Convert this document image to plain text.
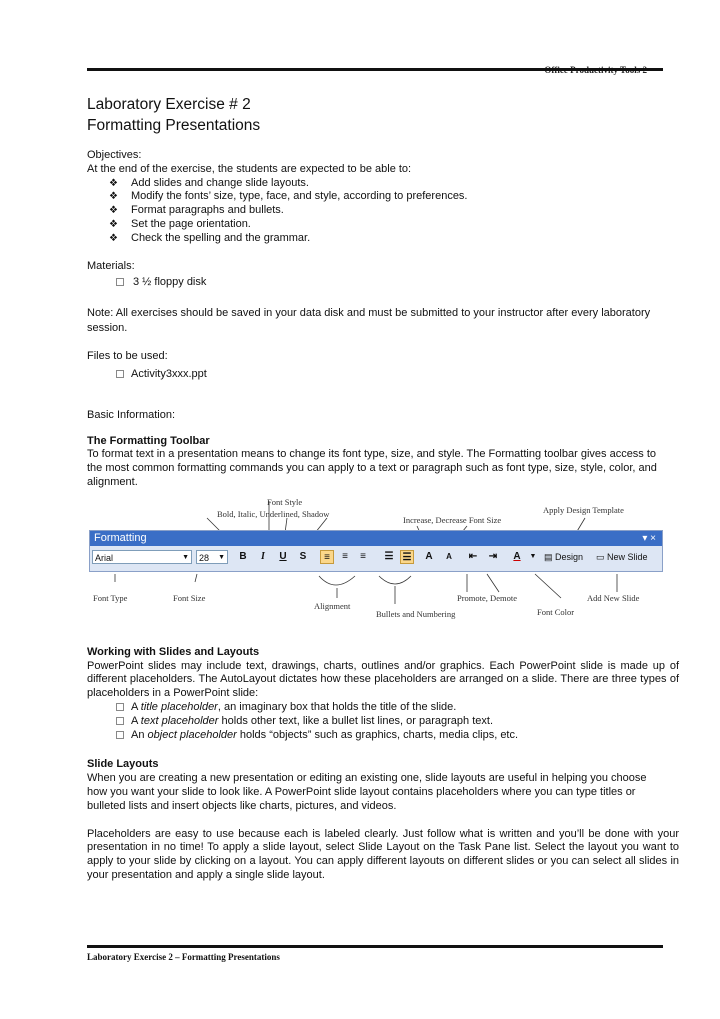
Laboratory Exercise # 2
Formatting Presentations

Objectives:

At the end of the exercise, the students are expected to be able to:

❖ Add slides and change slide layouts.
❖ Modify the fonts’ size, type, face, and style, according to preferences.
❖ Format paragraphs and bullets.
❖ Set the page orientation.
❖ Check the spelling and the grammar.

Materials:

3 ½ floppy disk

Note: All exercises should be saved in your data disk and must be submitted to your instructor after every laboratory session.

Files to be used:

Activity3xxx.ppt

Basic Information:

The Formatting Toolbar

To format text in a presentation means to change its font type, size, and style. The Formatting toolbar gives access to the most common formatting commands you can apply to a text or paragraph such as font type, size, style, color, and alignment.

Font Style
Bold, Italic, Underlined, Shadow
Increase, Decrease Font Size
Apply Design Template
Font Type	Font Size
Alignment
Bullets and Numbering
Promote, Demote
Font Color
Add New Slide
Formatting	▾ ×
Arial	▼	28 ▼	B	I	U	S	≡	≡	≡	☰ ☰	A	A	⇤ ⇥	A	▼ ▤ Design ▭ New Slide

Working with Slides and Layouts

PowerPoint slides may include text, drawings, charts, outlines and/or graphics. Each PowerPoint slide is made up of different placeholders. The AutoLayout dictates how these placeholders are arranged on a slide. There are three types of placeholders in a PowerPoint slide:

A title placeholder, an imaginary box that holds the title of the slide.
A text placeholder holds other text, like a bullet list lines, or paragraph text.
An object placeholder holds “objects” such as graphics, charts, media clips, etc.

Slide Layouts

When you are creating a new presentation or editing an existing one, slide layouts are useful in helping you choose how you want your slide to look like. A PowerPoint slide layout contains placeholders where you can type titles or bulleted lists and insert objects like charts, pictures, and videos.

Placeholders are easy to use because each is labeled clearly. Just follow what is written and you’ll be done with your presentation in no time! To apply a slide layout, select Slide Layout on the Task Pane list. Select the layout you want to apply to your slide by clicking on a layout. You can apply different layouts on different slides or you can select all slides in your presentation and apply a single slide layout.

Laboratory Exercise 2 – Formatting Presentations
